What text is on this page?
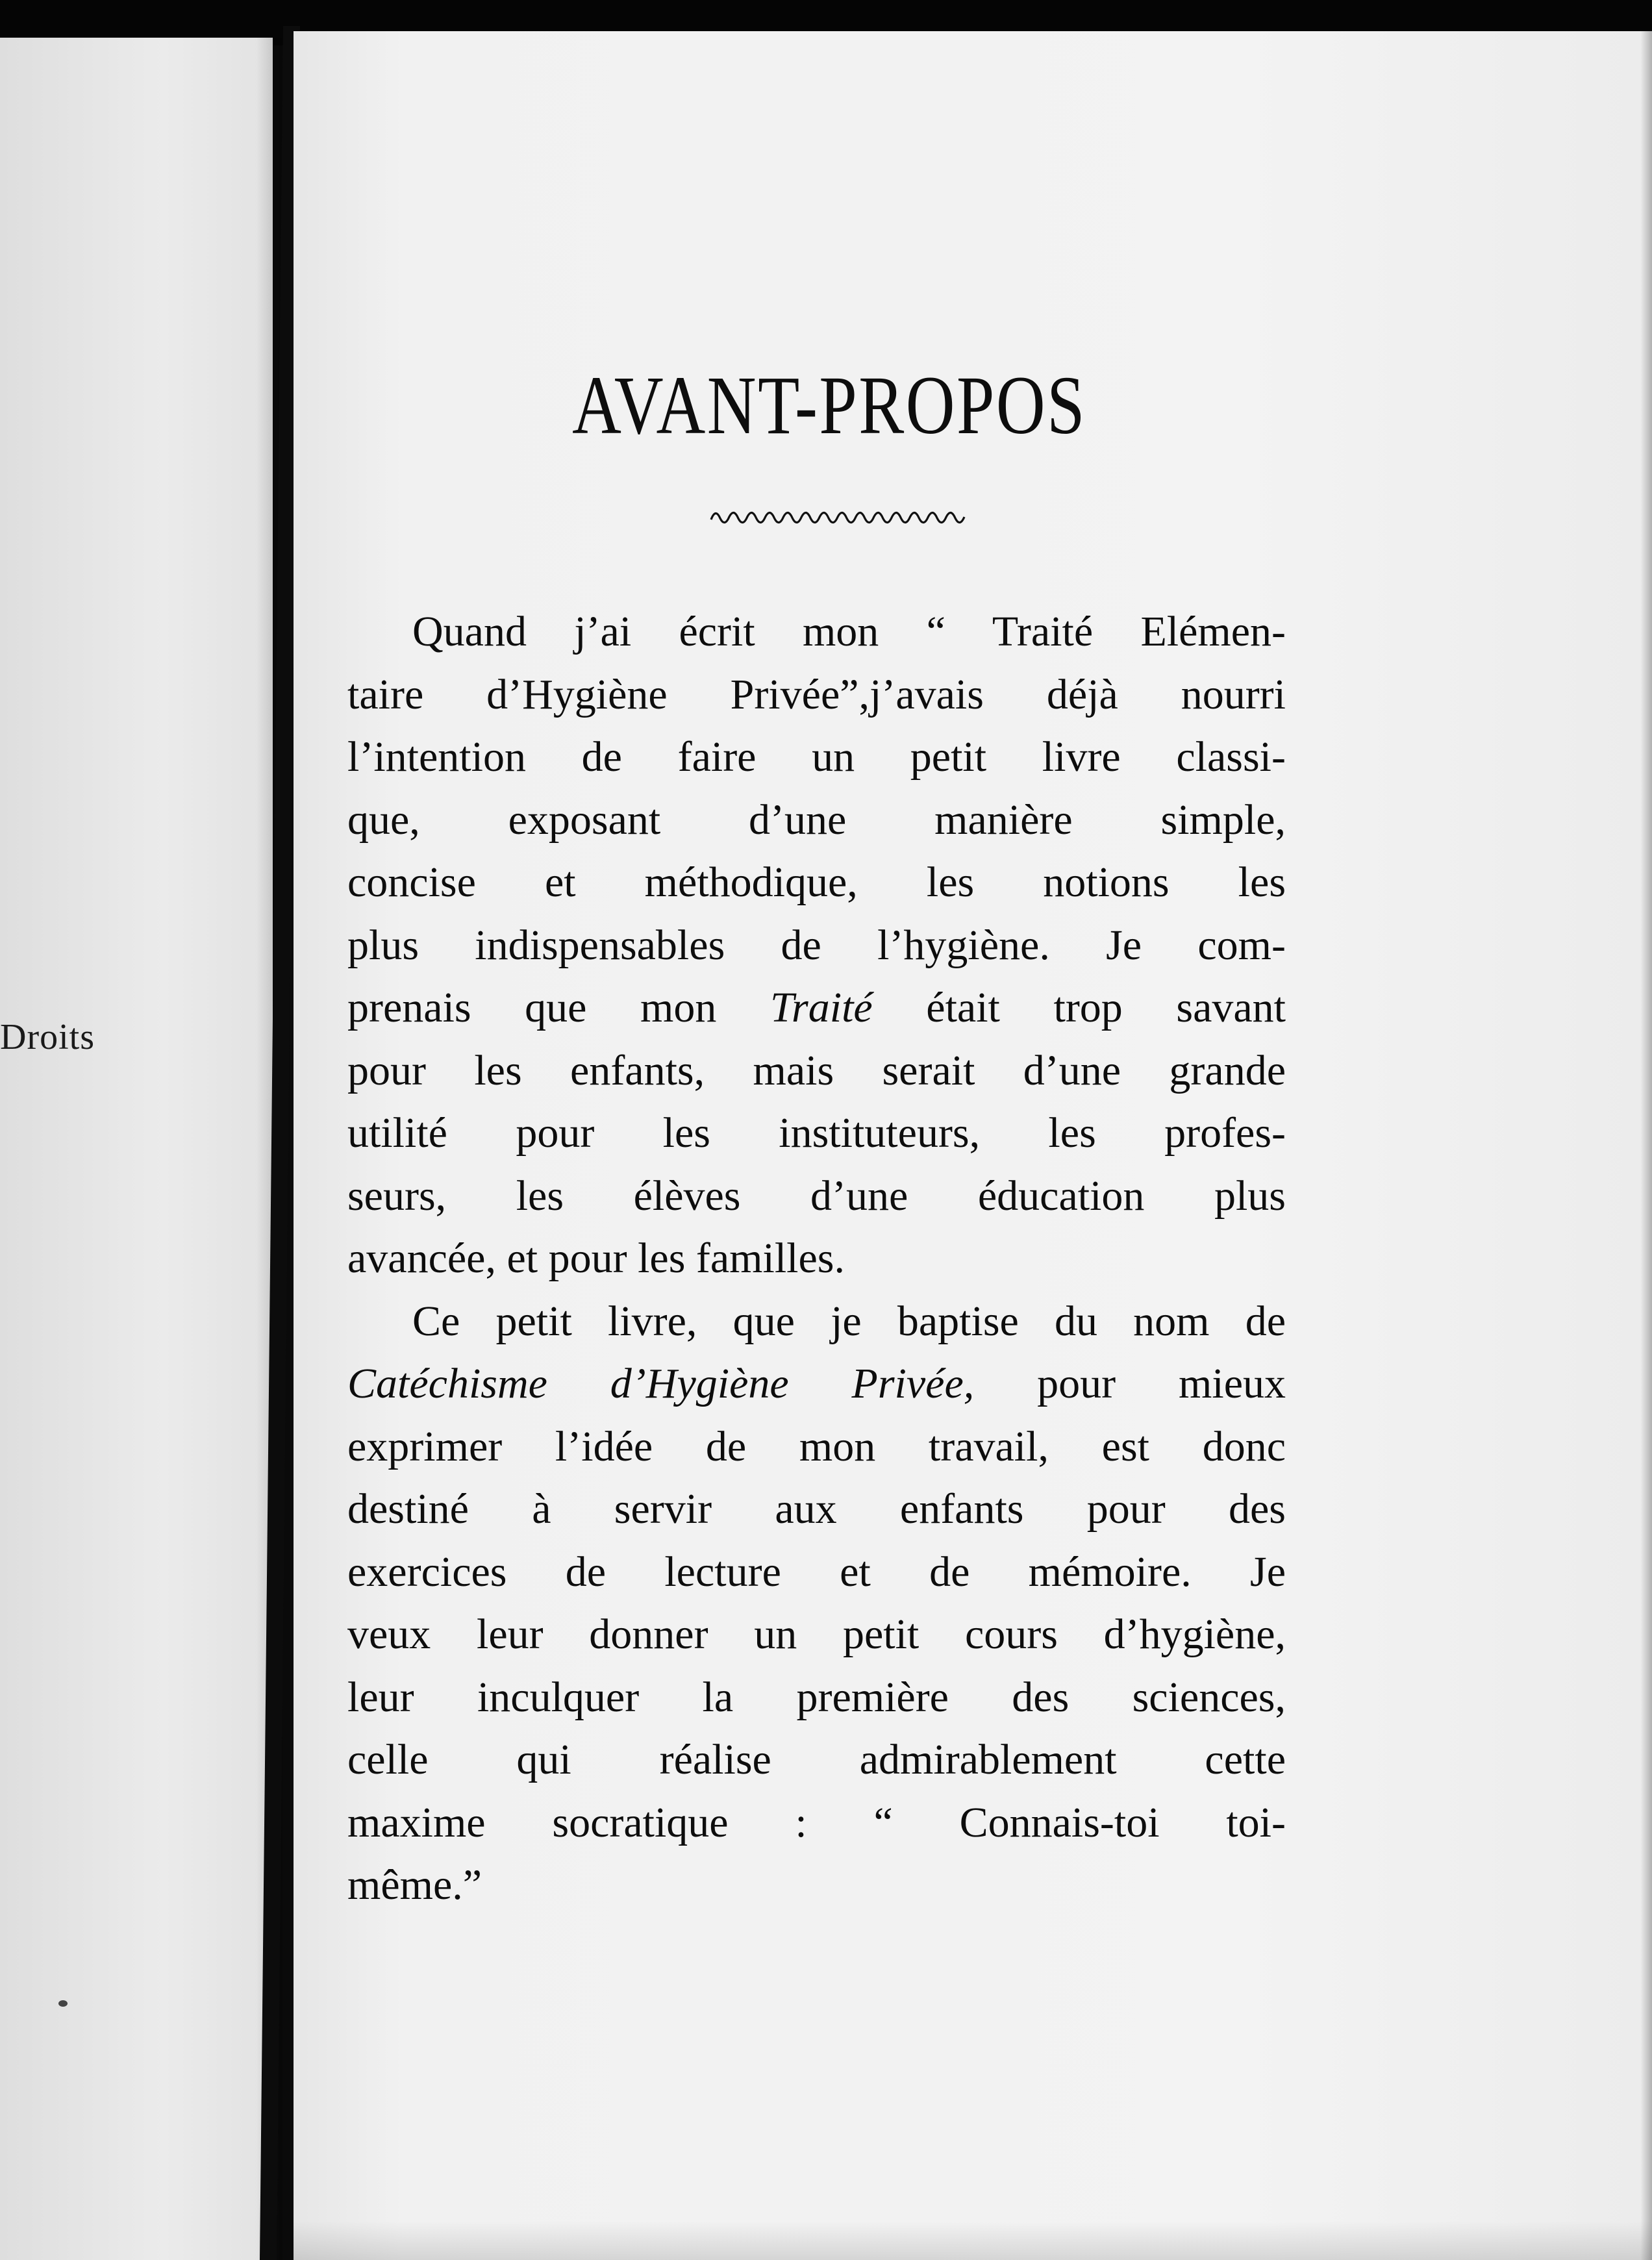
Droits
AVANT-PROPOS
Quand j’ai écrit mon “ Traité Elémen-
taire d’Hygiène Privée”,j’avais déjà nourri
l’intention de faire un petit livre classi-
que, exposant d’une manière simple,
concise et méthodique, les notions les
plus indispensables de l’hygiène. Je com-
prenais que mon Traité était trop savant
pour les enfants, mais serait d’une grande
utilité pour les instituteurs, les profes-
seurs, les élèves d’une éducation plus
avancée, et pour les familles.
Ce petit livre, que je baptise du nom de
Catéchisme d’Hygiène Privée, pour mieux
exprimer l’idée de mon travail, est donc
destiné à servir aux enfants pour des
exercices de lecture et de mémoire. Je
veux leur donner un petit cours d’hygiène,
leur inculquer la première des sciences,
celle qui réalise admirablement cette
maxime socratique : “ Connais-toi toi-
même.”
